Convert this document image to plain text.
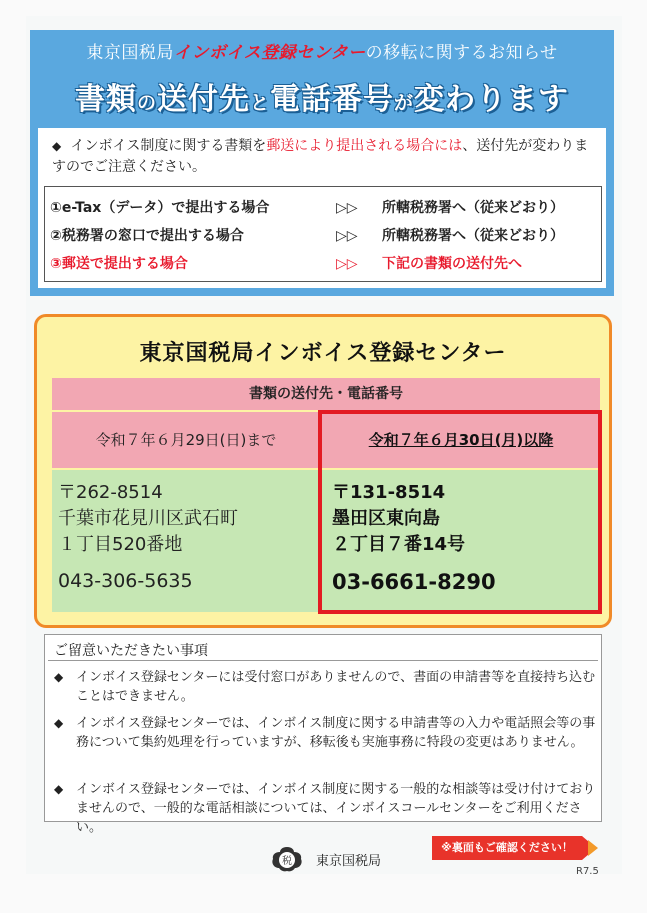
東京国税局インボイス登録センターの移転に関するお知らせ
書類の送付先と電話番号が変わります
◆ インボイス制度に関する書類を郵送により提出される場合には、送付先が変わりますのでご注意ください。
①e-Tax（データ）で提出する場合	▷▷ 所轄税務署へ（従来どおり）
②税務署の窓口で提出する場合	▷▷ 所轄税務署へ（従来どおり）
③郵送で提出する場合	▷▷ 下記の書類の送付先へ
東京国税局インボイス登録センター
書類の送付先・電話番号
令和７年６月29日(日)まで	令和７年６月30日(月)以降
〒262-8514
千葉市花見川区武石町
１丁目520番地
043-306-5635
〒131-8514
墨田区東向島
２丁目７番14号
03-6661-8290
ご留意いただきたい事項
◆ インボイス登録センターには受付窓口がありませんので、書面の申請書等を直接持ち込むことはできません。
◆ インボイス登録センターでは、インボイス制度に関する申請書等の入力や電話照会等の事務について集約処理を行っていますが、移転後も実施事務に特段の変更はありません。
◆ インボイス登録センターでは、インボイス制度に関する一般的な相談等は受け付けておりませんので、一般的な電話相談については、インボイスコールセンターをご利用ください。
税 東京国税局
※裏面もご確認ください！
R7.5
